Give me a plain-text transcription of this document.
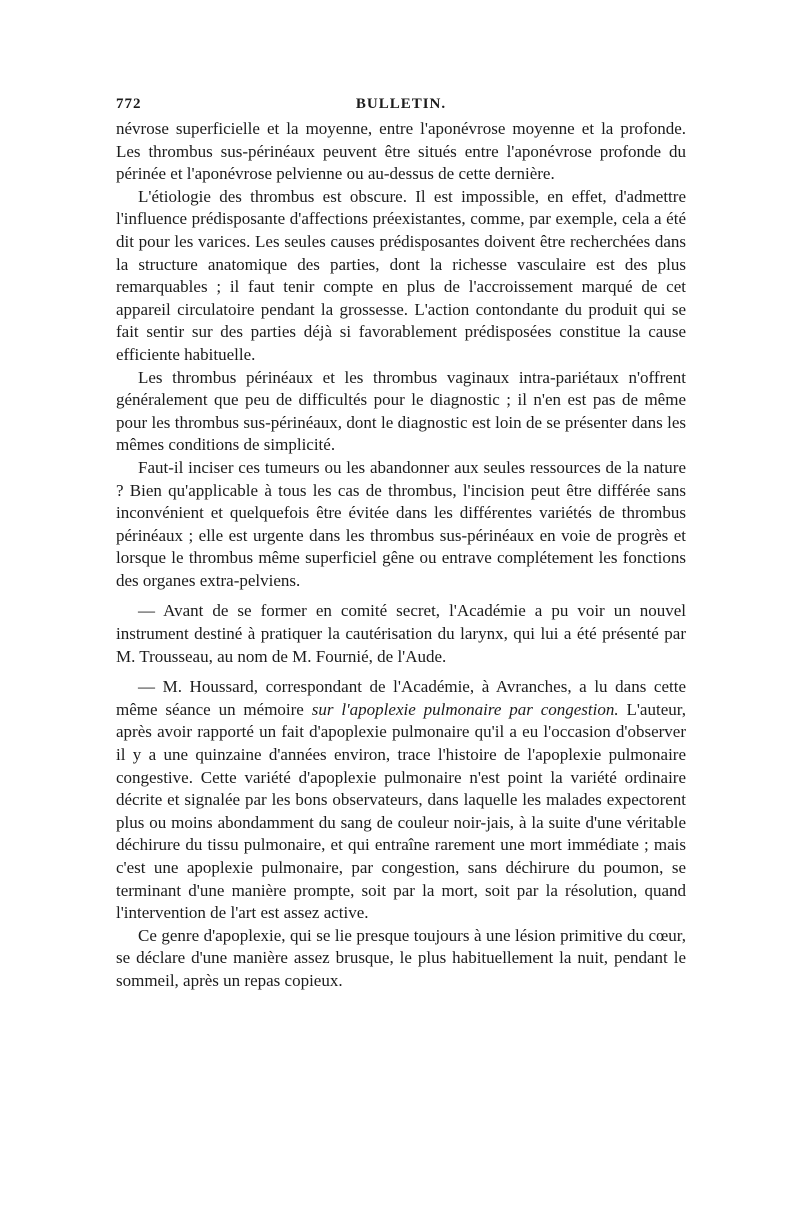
772	BULLETIN.

névrose superficielle et la moyenne, entre l'aponévrose moyenne et la profonde. Les thrombus sus-périnéaux peuvent être situés entre l'aponévrose profonde du périnée et l'aponévrose pelvienne ou au-dessus de cette dernière.

L'étiologie des thrombus est obscure. Il est impossible, en effet, d'admettre l'influence prédisposante d'affections préexistantes, comme, par exemple, cela a été dit pour les varices. Les seules causes prédisposantes doivent être recherchées dans la structure anatomique des parties, dont la richesse vasculaire est des plus remarquables ; il faut tenir compte en plus de l'accroissement marqué de cet appareil circulatoire pendant la grossesse. L'action contondante du produit qui se fait sentir sur des parties déjà si favorablement prédisposées constitue la cause efficiente habituelle.

Les thrombus périnéaux et les thrombus vaginaux intra-pariétaux n'offrent généralement que peu de difficultés pour le diagnostic ; il n'en est pas de même pour les thrombus sus-périnéaux, dont le diagnostic est loin de se présenter dans les mêmes conditions de simplicité.

Faut-il inciser ces tumeurs ou les abandonner aux seules ressources de la nature ? Bien qu'applicable à tous les cas de thrombus, l'incision peut être différée sans inconvénient et quelquefois être évitée dans les différentes variétés de thrombus périnéaux ; elle est urgente dans les thrombus sus-périnéaux en voie de progrès et lorsque le thrombus même superficiel gêne ou entrave complétement les fonctions des organes extra-pelviens.

— Avant de se former en comité secret, l'Académie a pu voir un nouvel instrument destiné à pratiquer la cautérisation du larynx, qui lui a été présenté par M. Trousseau, au nom de M. Fournié, de l'Aude.

— M. Houssard, correspondant de l'Académie, à Avranches, a lu dans cette même séance un mémoire sur l'apoplexie pulmonaire par congestion. L'auteur, après avoir rapporté un fait d'apoplexie pulmonaire qu'il a eu l'occasion d'observer il y a une quinzaine d'années environ, trace l'histoire de l'apoplexie pulmonaire congestive. Cette variété d'apoplexie pulmonaire n'est point la variété ordinaire décrite et signalée par les bons observateurs, dans laquelle les malades expectorent plus ou moins abondamment du sang de couleur noir-jais, à la suite d'une véritable déchirure du tissu pulmonaire, et qui entraîne rarement une mort immédiate ; mais c'est une apoplexie pulmonaire, par congestion, sans déchirure du poumon, se terminant d'une manière prompte, soit par la mort, soit par la résolution, quand l'intervention de l'art est assez active.

Ce genre d'apoplexie, qui se lie presque toujours à une lésion primitive du cœur, se déclare d'une manière assez brusque, le plus habituellement la nuit, pendant le sommeil, après un repas copieux.
